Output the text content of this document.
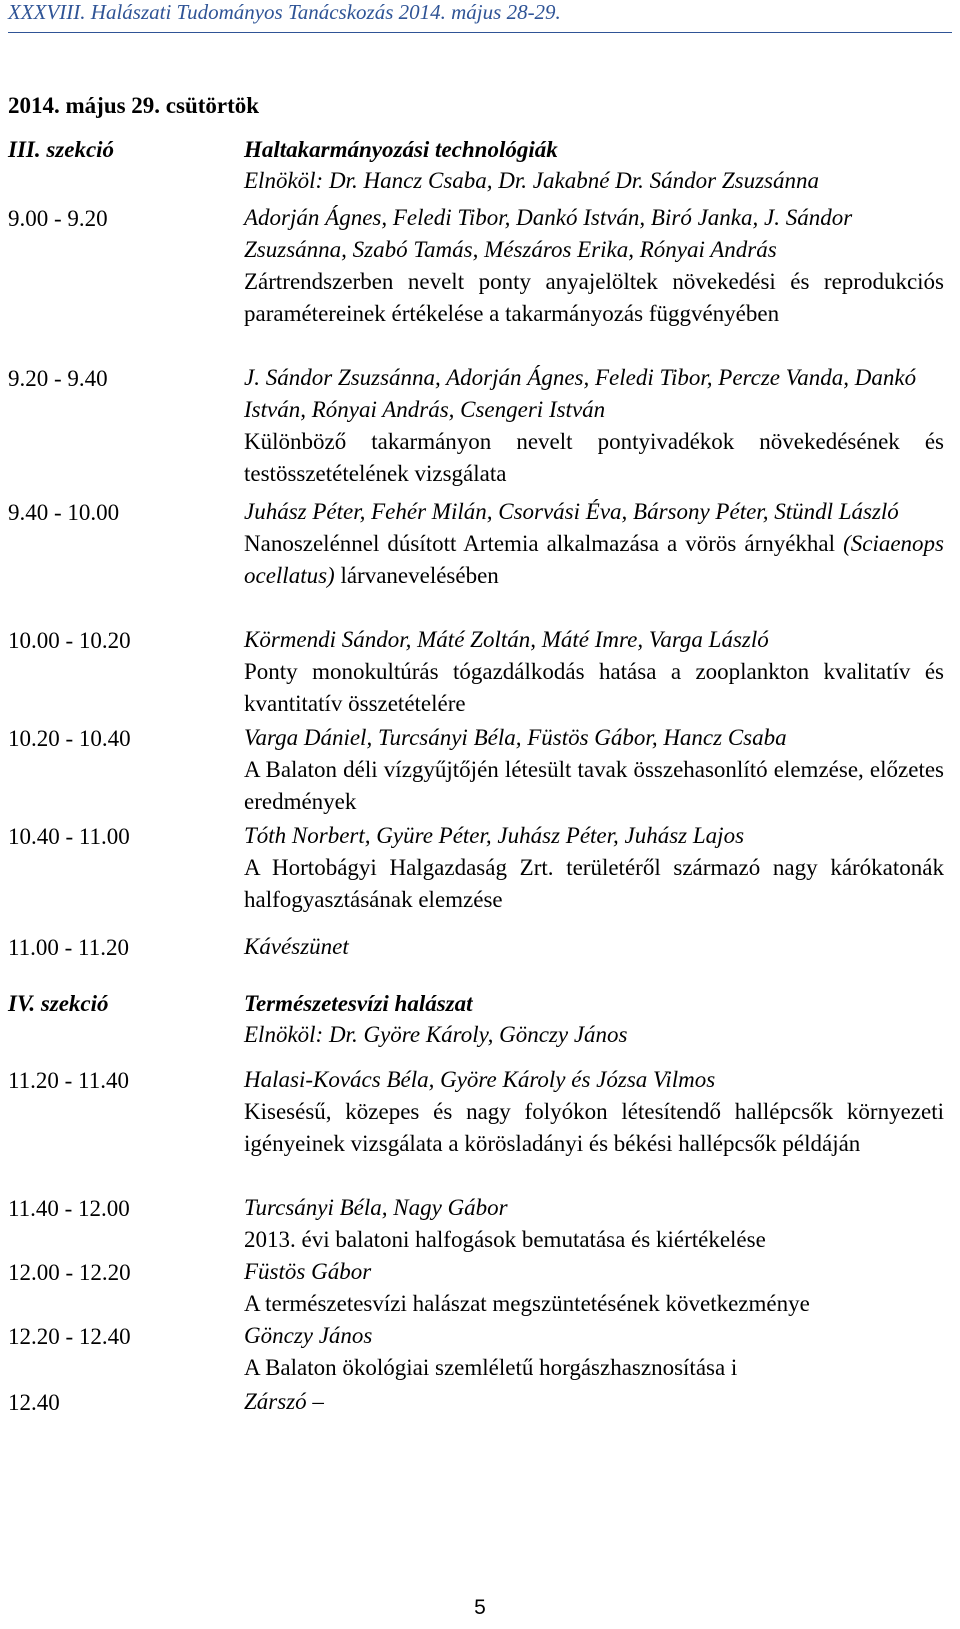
XXXVIII. Halászati Tudományos Tanácskozás 2014. május 28-29.
2014. május 29. csütörtök
III. szekció	Haltakarmányozási technológiák
Elnököl: Dr. Hancz Csaba, Dr. Jakabné Dr. Sándor Zsuzsánna
9.00 - 9.20	Adorján Ágnes, Feledi Tibor, Dankó István, Biró Janka, J. Sándor Zsuzsánna, Szabó Tamás, Mészáros Erika, Rónyai András
Zártrendszerben nevelt ponty anyajelöltek növekedési és reprodukciós paramétereinek értékelése a takarmányozás függvényében
9.20 - 9.40	J. Sándor Zsuzsánna, Adorján Ágnes, Feledi Tibor, Percze Vanda, Dankó István, Rónyai András, Csengeri István
Különböző takarmányon nevelt pontyivadékok növekedésének és testösszetételének vizsgálata
9.40 - 10.00	Juhász Péter, Fehér Milán, Csorvási Éva, Bársony Péter, Stündl László
Nanoszelénnel dúsított Artemia alkalmazása a vörös árnyékhal (Sciaenops ocellatus) lárvanevelésében
10.00 - 10.20	Körmendi Sándor, Máté Zoltán, Máté Imre, Varga László
Ponty monokultúrás tógazdálkodás hatása a zooplankton kvalitatív és kvantitatív összetételére
10.20 - 10.40	Varga Dániel, Turcsányi Béla, Füstös Gábor, Hancz Csaba
A Balaton déli vízgyűjtőjén létesült tavak összehasonlító elemzése, előzetes eredmények
10.40 - 11.00	Tóth Norbert, Gyüre Péter, Juhász Péter, Juhász Lajos
A Hortobágyi Halgazdaság Zrt. területéről származó nagy kárókatonák halfogyasztásának elemzése
11.00 - 11.20	Kávészünet
IV. szekció	Természetesvízi halászat
Elnököl: Dr. Györe Károly, Gönczy János
11.20 - 11.40	Halasi-Kovács Béla, Györe Károly és Józsa Vilmos
Kisesésű, közepes és nagy folyókon létesítendő hallépcsők környezeti igényeinek vizsgálata a körösladányi és békési hallépcsők példáján
11.40 - 12.00	Turcsányi Béla, Nagy Gábor
2013. évi balatoni halfogások bemutatása és kiértékelése
12.00 - 12.20	Füstös Gábor
A természetesvízi halászat megszüntetésének következménye
12.20 - 12.40	Gönczy János
A Balaton ökológiai szemléletű horgászhasznosítása i
12.40	Zárszó –
5
